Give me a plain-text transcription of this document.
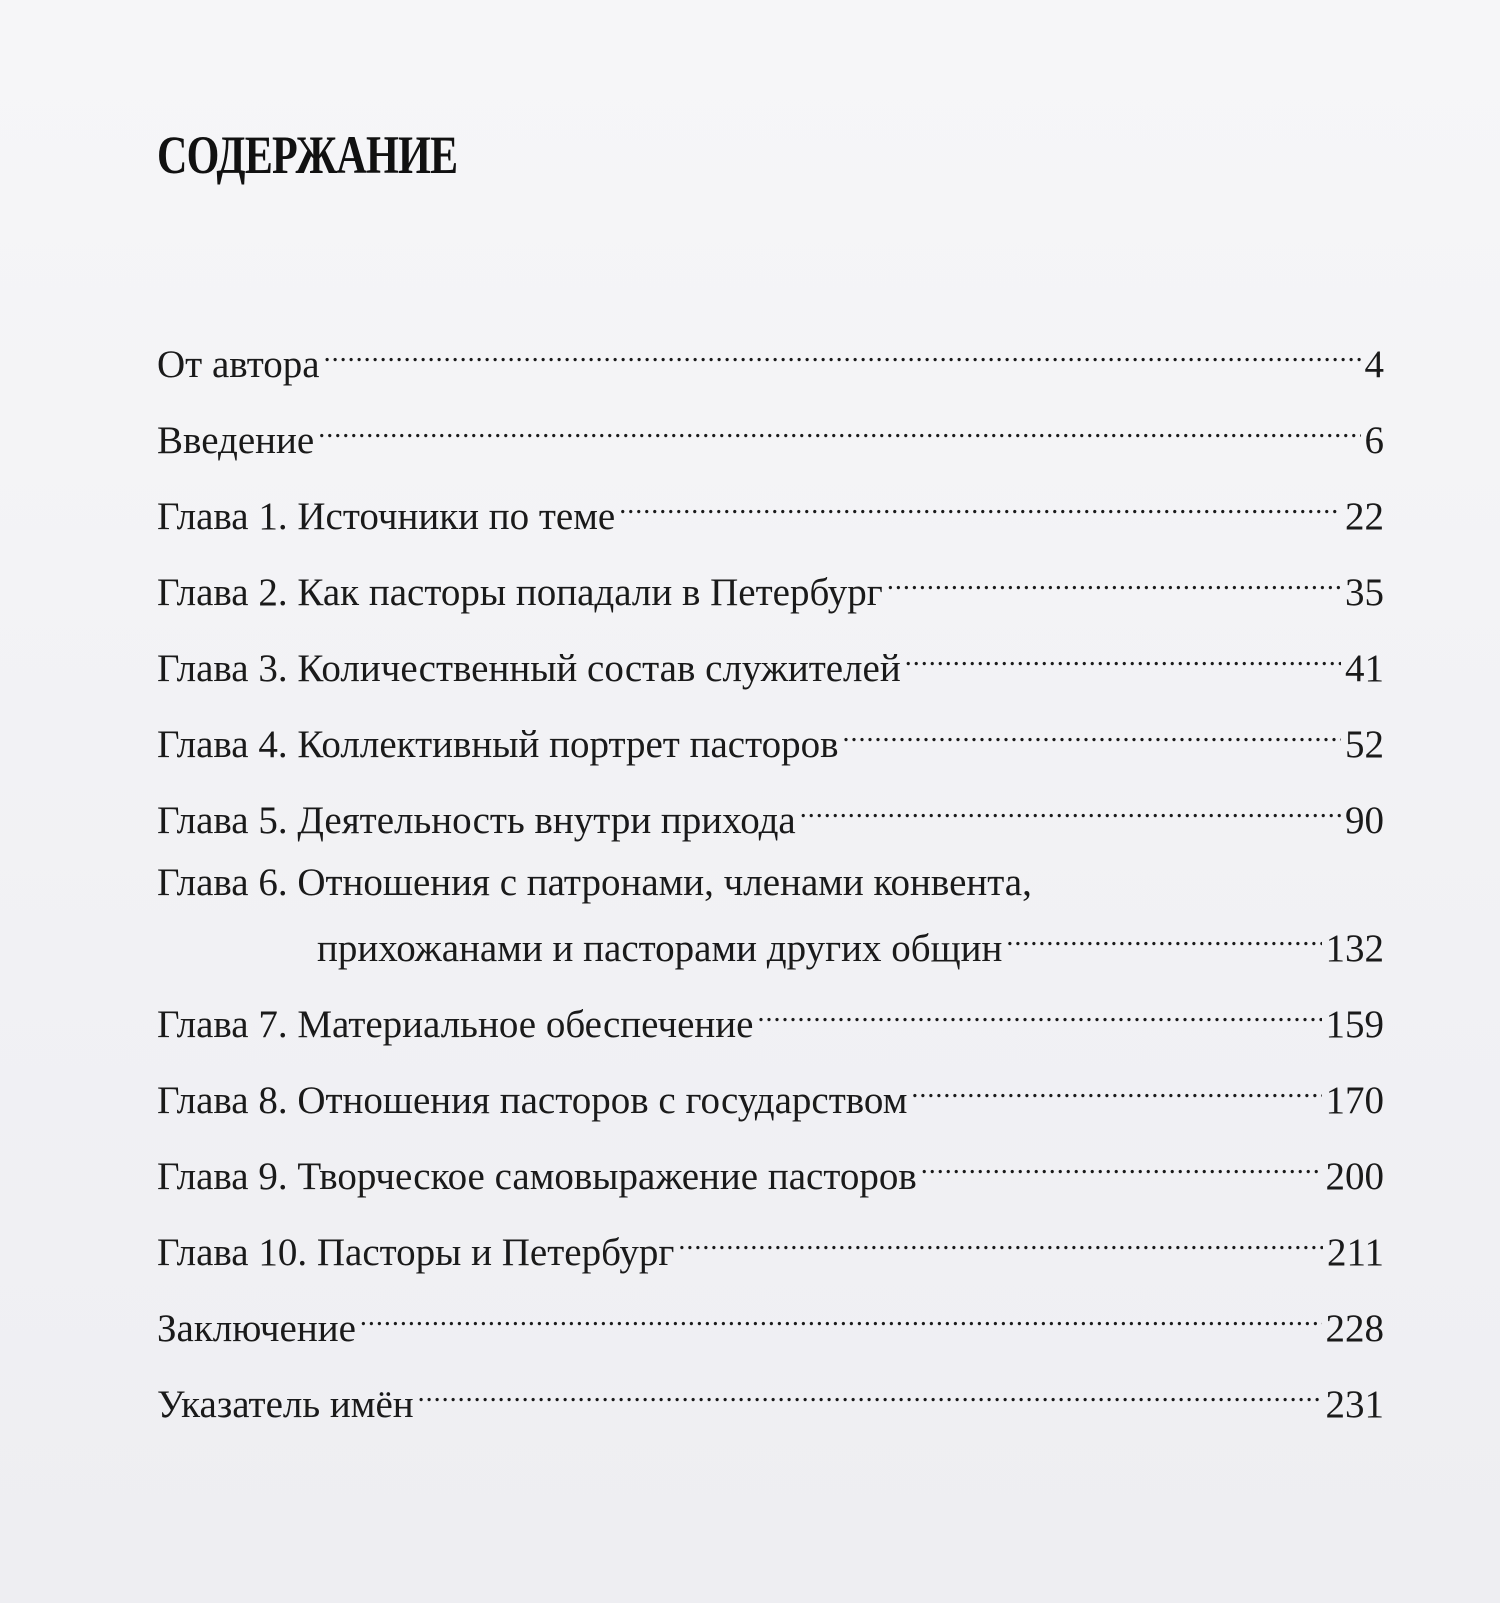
СОДЕРЖАНИЕ
От автора .....	4
Введение .....	6
Глава 1. Источники по теме .....	22
Глава 2. Как пасторы попадали в Петербург .....	35
Глава 3. Количественный состав служителей .....	41
Глава 4. Коллективный портрет пасторов .....	52
Глава 5. Деятельность внутри прихода .....	90
Глава 6. Отношения с патронами, членами конвента,
прихожанами и пасторами других общин .....	132
Глава 7. Материальное обеспечение .....	159
Глава 8. Отношения пасторов с государством .....	170
Глава 9. Творческое самовыражение пасторов .....	200
Глава 10. Пасторы и Петербург .....	211
Заключение .....	228
Указатель имён .....	231
